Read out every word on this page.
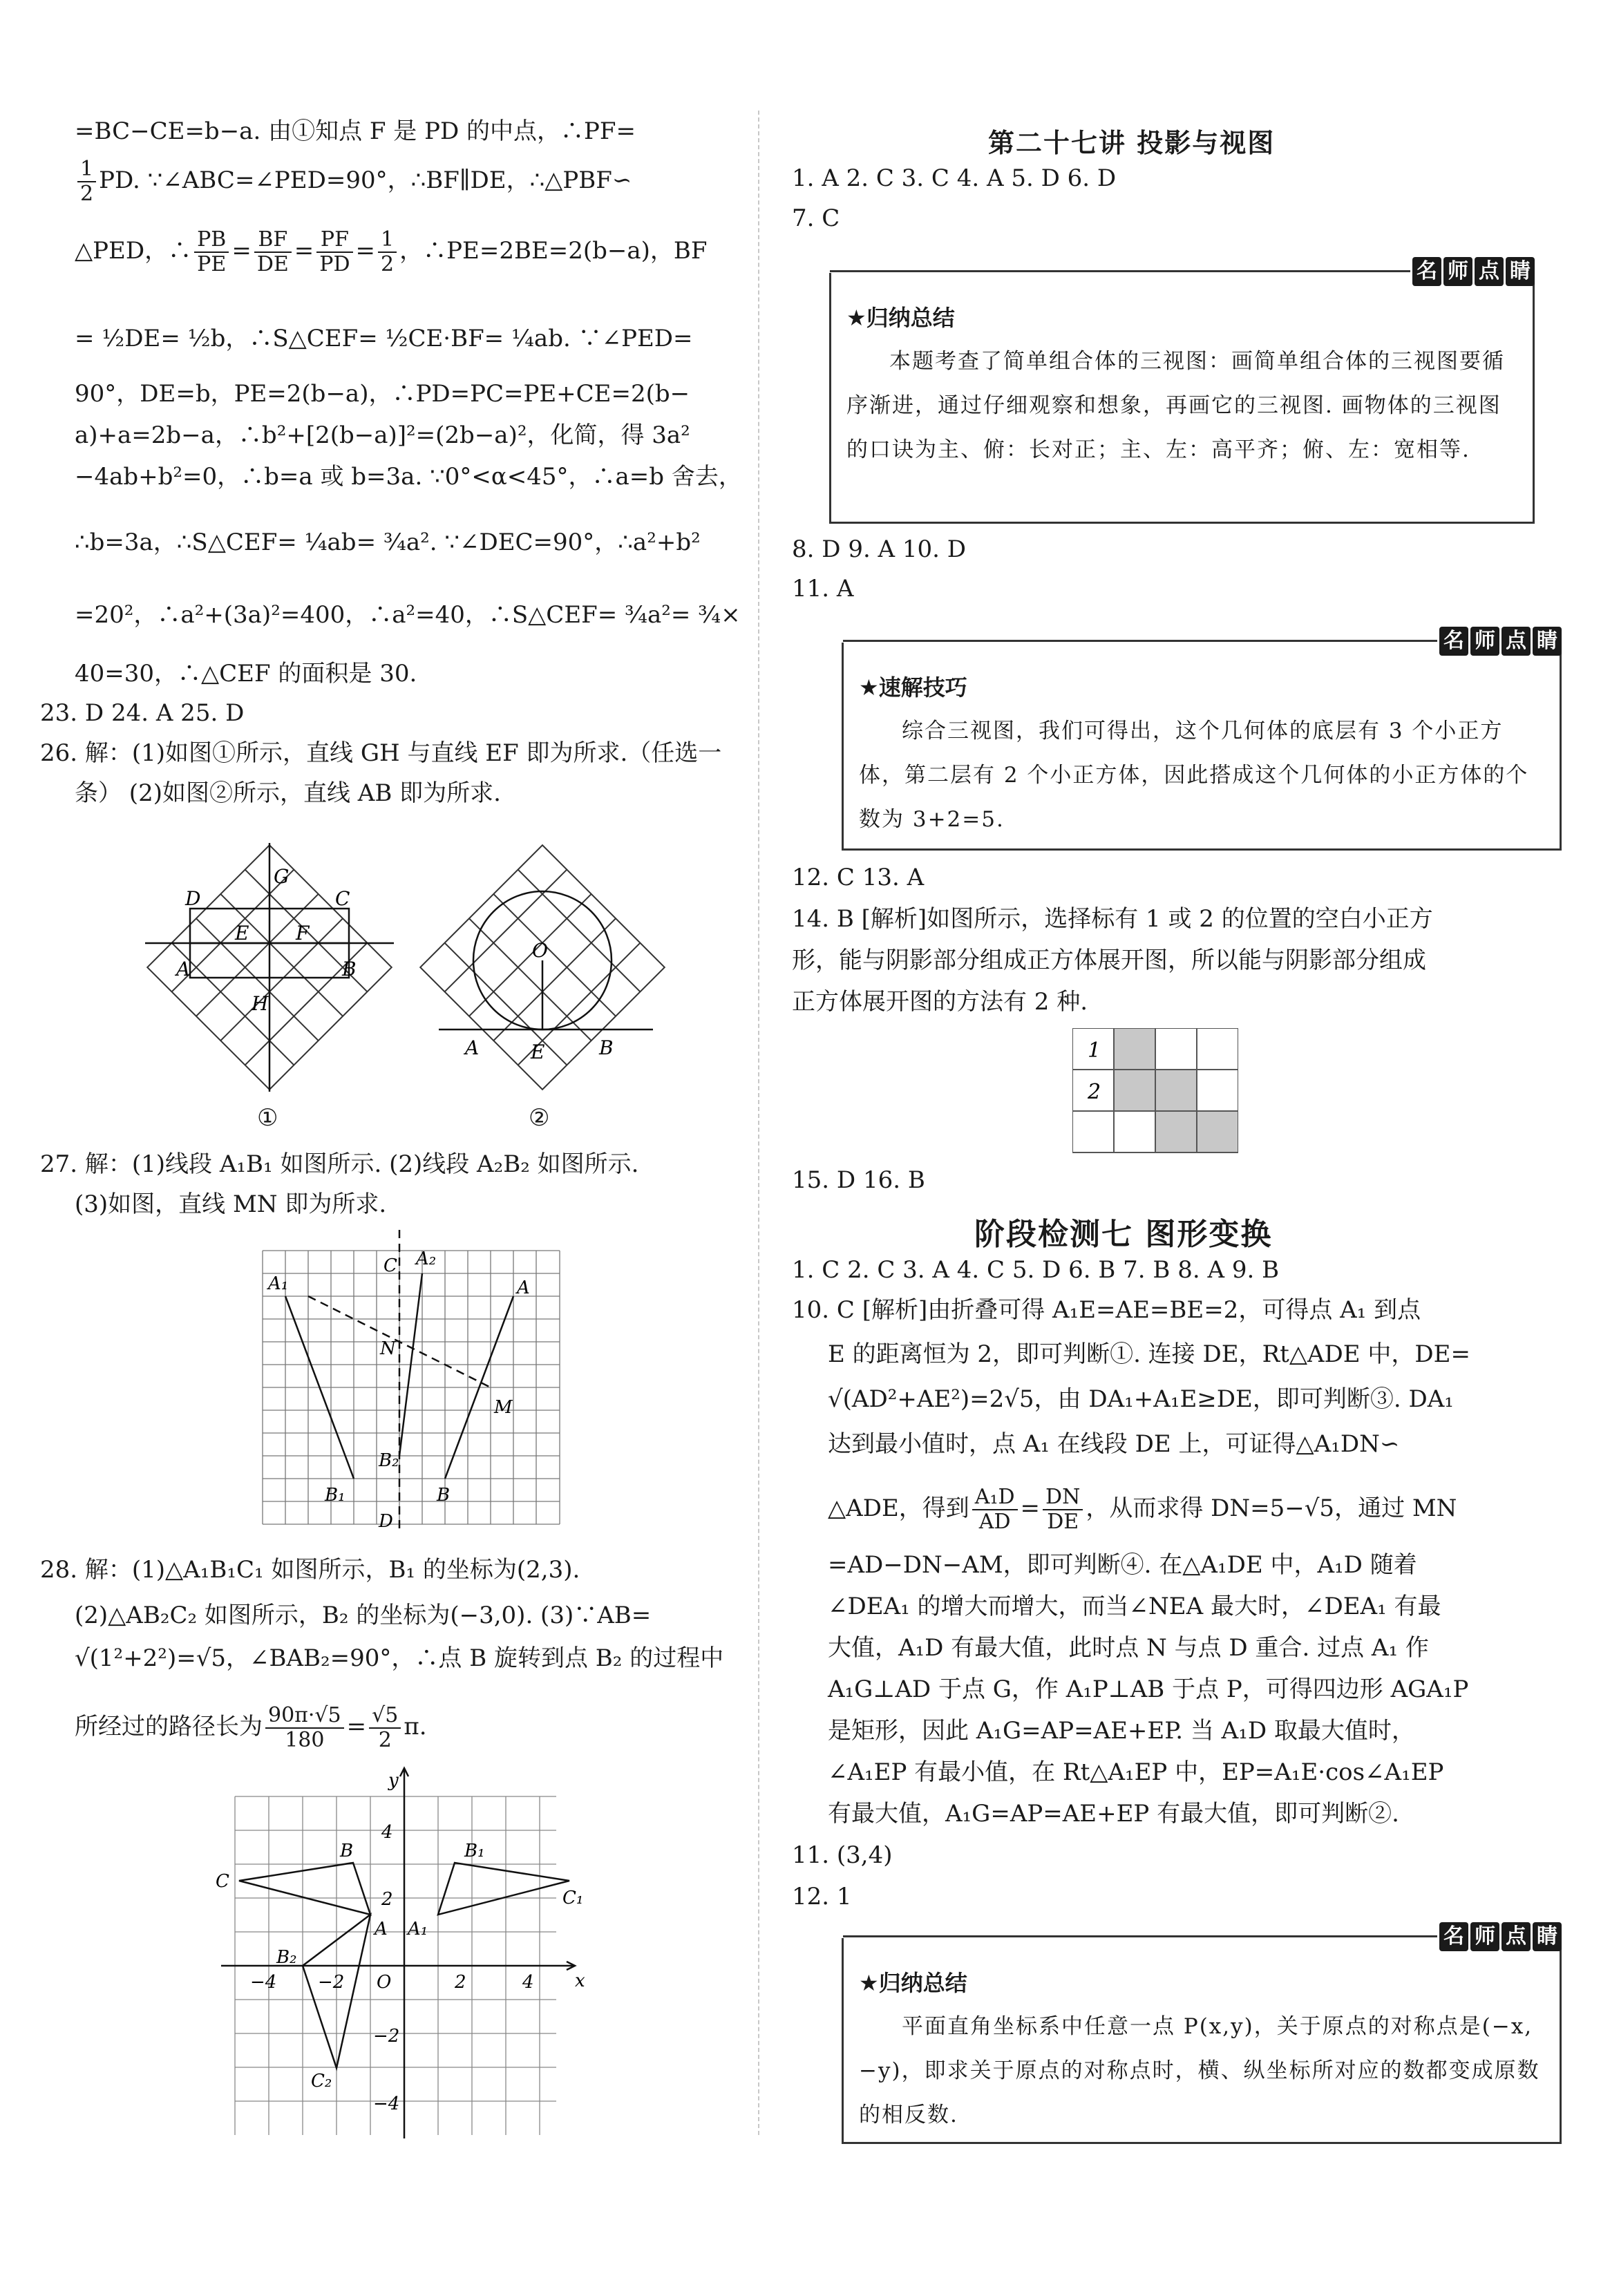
=BC−CE=b−a. 由①知点 F 是 PD 的中点，∴PF=
$\frac{1}{2}$ PD. ∵∠ABC=∠PED=90°，∴BF∥DE，∴△PBF∽
△PED，∴ $\frac{PB}{PE} = \frac{BF}{DE} = \frac{PF}{PD} = \frac{1}{2}$ ，∴PE=2BE=2(b−a)，BF
= ½DE= ½b，∴S△CEF= ½CE·BF= ¼ab. ∵∠PED=
90°，DE=b，PE=2(b−a)，∴PD=PC=PE+CE=2(b−
a)+a=2b−a，∴b²+[2(b−a)]²=(2b−a)²，化简，得 3a²
−4ab+b²=0，∴b=a 或 b=3a. ∵0°<α<45°，∴a=b 舍去，
∴b=3a，∴S△CEF= ¼ab= ¾a². ∵∠DEC=90°，∴a²+b²
=20²，∴a²+(3a)²=400，∴a²=40，∴S△CEF= ¾a²= ¾×
40=30，∴△CEF 的面积是 30.
23. D 24. A 25. D
26. 解：(1)如图①所示，直线 GH 与直线 EF 即为所求.（任选一
条） (2)如图②所示，直线 AB 即为所求.
D
G
C
E F
A	B
H
①
O
A	E	B
②
27. 解：(1)线段 A₁B₁ 如图所示. (2)线段 A₂B₂ 如图所示.
(3)如图，直线 MN 即为所求.
C A₂
A₁	A
N
M
B₂
B₁	B
D
28. 解：(1)△A₁B₁C₁ 如图所示，B₁ 的坐标为(2,3).
(2)△AB₂C₂ 如图所示，B₂ 的坐标为(−3,0). (3)∵AB=
√(1²+2²)=√5，∠BAB₂=90°，∴点 B 旋转到点 B₂ 的过程中
所经过的路径长为 $\frac{90\pi\cdot√5}{180} = \frac{√5}{2} \pi$.
y
x
O
4
2
−2
−4
−4 −2	2	4
B	B₁
C
C₁
B₂
A A₁
C₂
第二十七讲 投影与视图
1. A 2. C 3. C 4. A 5. D 6. D
7. C
名 师 点 睛
★归纳总结
本题考查了简单组合体的三视图：画简单组合体的三视图要循序渐进，通过仔细观察和想象，再画它的三视图. 画物体的三视图的口诀为主、俯：长对正；主、左：高平齐；俯、左：宽相等.
8. D 9. A 10. D
11. A
名 师 点 睛
★速解技巧
综合三视图，我们可得出，这个几何体的底层有 3 个小正方体，第二层有 2 个小正方体，因此搭成这个几何体的小正方体的个数为 3+2=5.
12. C 13. A
14. B [解析]如图所示，选择标有 1 或 2 的位置的空白小正方
形，能与阴影部分组成正方体展开图，所以能与阴影部分组成
正方体展开图的方法有 2 种.
1
2
15. D 16. B
阶段检测七 图形变换
1. C 2. C 3. A 4. C 5. D 6. B 7. B 8. A 9. B
10. C [解析]由折叠可得 A₁E=AE=BE=2，可得点 A₁ 到点
E 的距离恒为 2，即可判断①. 连接 DE，Rt△ADE 中，DE=
√(AD²+AE²)=2√5，由 DA₁+A₁E≥DE，即可判断③. DA₁
达到最小值时，点 A₁ 在线段 DE 上，可证得△A₁DN∽
△ADE，得到 $\frac{\text{A₁D}}{AD} = \frac{DN}{DE}$ ，从而求得 DN=5−√5，通过 MN
=AD−DN−AM，即可判断④. 在△A₁DE 中，A₁D 随着
∠DEA₁ 的增大而增大，而当∠NEA 最大时，∠DEA₁ 有最
大值，A₁D 有最大值，此时点 N 与点 D 重合. 过点 A₁ 作
A₁G⊥AD 于点 G，作 A₁P⊥AB 于点 P，可得四边形 AGA₁P
是矩形，因此 A₁G=AP=AE+EP. 当 A₁D 取最大值时，
∠A₁EP 有最小值，在 Rt△A₁EP 中，EP=A₁E·cos∠A₁EP
有最大值，A₁G=AP=AE+EP 有最大值，即可判断②.
11. (3,4)
12. 1
名 师 点 睛
★归纳总结
平面直角坐标系中任意一点 P(x,y)，关于原点的对称点是(−x,−y)，即求关于原点的对称点时，横、纵坐标所对应的数都变成原数的相反数.
